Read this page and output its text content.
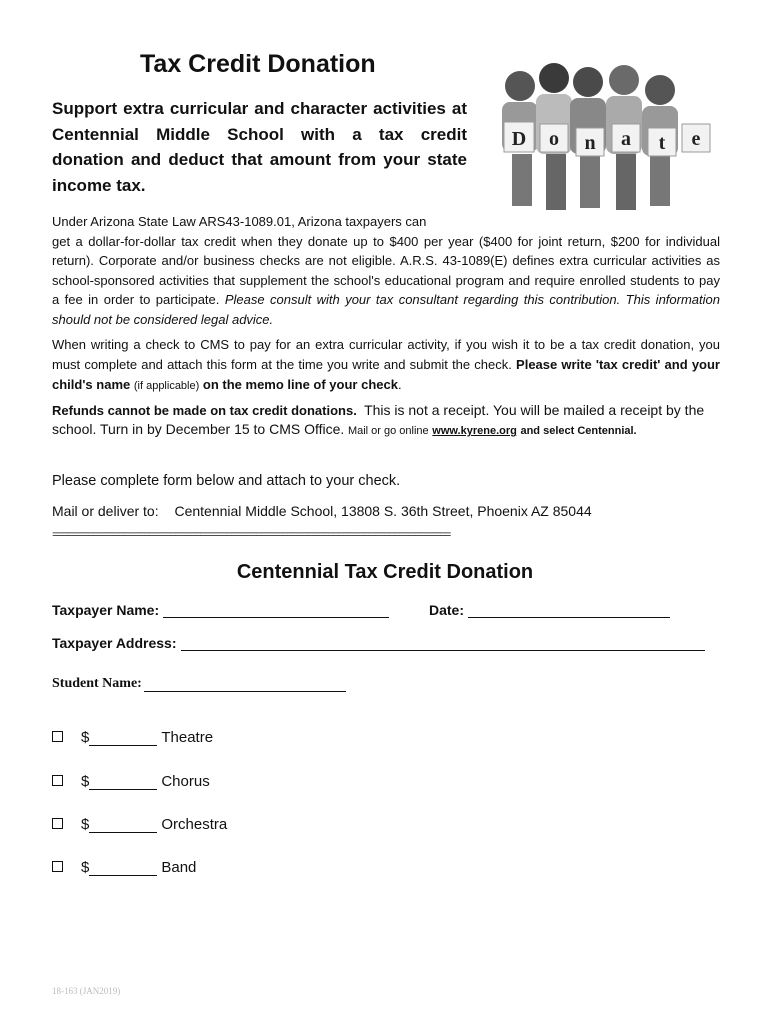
Tax Credit Donation
Support extra curricular and character activities at Centennial Middle School with a tax credit donation and deduct that amount from your state income tax.
D o n a t e
Under Arizona State Law ARS43-1089.01, Arizona taxpayers can
get a dollar-for-dollar tax credit when they donate up to $400 per year ($400 for joint return, $200 for individual return). Corporate and/or business checks are not eligible. A.R.S. 43-1089(E) defines extra curricular activities as school-sponsored activities that supplement the school's educational program and require enrolled students to pay a fee in order to participate. Please consult with your tax consultant regarding this contribution. This information should not be considered legal advice.
When writing a check to CMS to pay for an extra curricular activity, if you wish it to be a tax credit donation, you must complete and attach this form at the time you write and submit the check. Please write 'tax credit' and your child's name (if applicable) on the memo line of your check.
Refunds cannot be made on tax credit donations. This is not a receipt. You will be mailed a receipt by the school. Turn in by December 15 to CMS Office. Mail or go online www.kyrene.org and select Centennial.
Please complete form below and attach to your check.
Mail or deliver to: Centennial Middle School, 13808 S. 36th Street, Phoenix AZ 85044
==============================================================================
Centennial Tax Credit Donation
Taxpayer Name:	Date:
Taxpayer Address:
Student Name:
$	Theatre
$	Chorus
$	Orchestra
$	Band
18-163 (JAN2019)
